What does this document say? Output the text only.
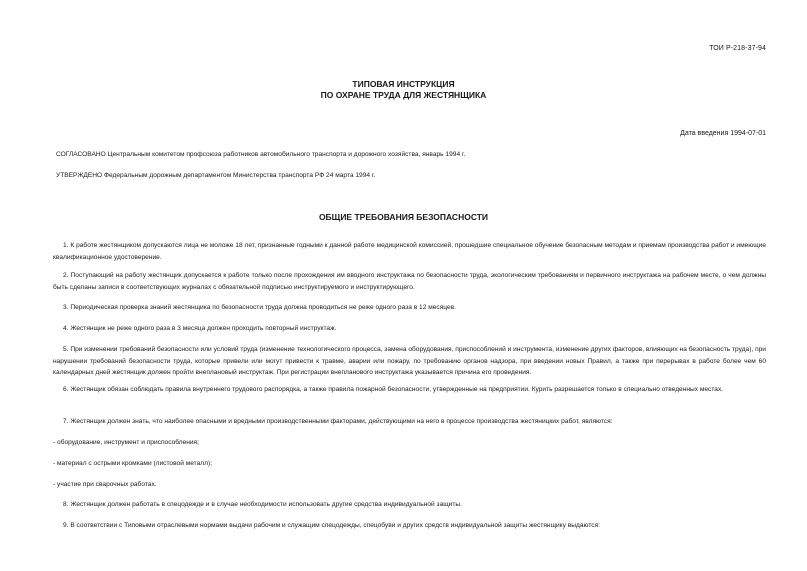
ТОИ Р-218-37-94
ТИПОВАЯ ИНСТРУКЦИЯ
ПО ОХРАНЕ ТРУДА ДЛЯ ЖЕСТЯНЩИКА
Дата введения 1994-07-01
СОГЛАСОВАНО Центральным комитетом профсоюза работников автомобильного транспорта и дорожного хозяйства, январь 1994 г.
УТВЕРЖДЕНО Федеральным дорожным департаментом Министерства транспорта РФ 24 марта 1994 г.
ОБЩИЕ ТРЕБОВАНИЯ БЕЗОПАСНОСТИ
1. К работе жестянщиком допускаются лица не моложе 18 лет, признанные годными к данной работе медицинской комиссией, прошедшие специальное обучение безопасным методам и приемам производства работ и имеющие квалификационное удостоверение.
2. Поступающий на работу жестянщик допускается к работе только после прохождения им вводного инструктажа по безопасности труда, экологическим требованиям и первичного инструктажа на рабочем месте, о чем должны быть сделаны записи в соответствующих журналах с обязательной подписью инструктируемого и инструктирующего.
3. Периодическая проверка знаний жестянщика по безопасности труда должна проводиться не реже одного раза в 12 месяцев.
4. Жестянщик не реже одного раза в 3 месяца должен проходить повторный инструктаж.
5. При изменении требований безопасности или условий труда (изменение технологического процесса, замена оборудования, приспособлений и инструмента, изменение других факторов, влияющих на безопасность труда), при нарушении требований безопасности труда, которые привели или могут привести к травме, аварии или пожару, по требованию органов надзора, при введении новых Правил, а также при перерывах в работе более чем 60 календарных дней жестянщик должен пройти внеплановый инструктаж. При регистрации внепланового инструктажа указывается причина его проведения.
6. Жестянщик обязан соблюдать правила внутреннего трудового распорядка, а также правила пожарной безопасности, утвержденные на предприятии. Курить разрешается только в специально отведенных местах.
7. Жестянщик должен знать, что наиболее опасными и вредными производственными факторами, действующими на него в процессе производства жестяницких работ, являются:
- оборудование, инструмент и приспособления;
- материал с острыми кромками (листовой металл);
- участие при сварочных работах.
8. Жестянщик должен работать в спецодежде и в случае необходимости использовать другие средства индивидуальной защиты.
9. В соответствии с Типовыми отраслевыми нормами выдачи рабочим и служащим спецодежды, спецобуви и других средств индивидуальной защиты жестянщику выдаются:
